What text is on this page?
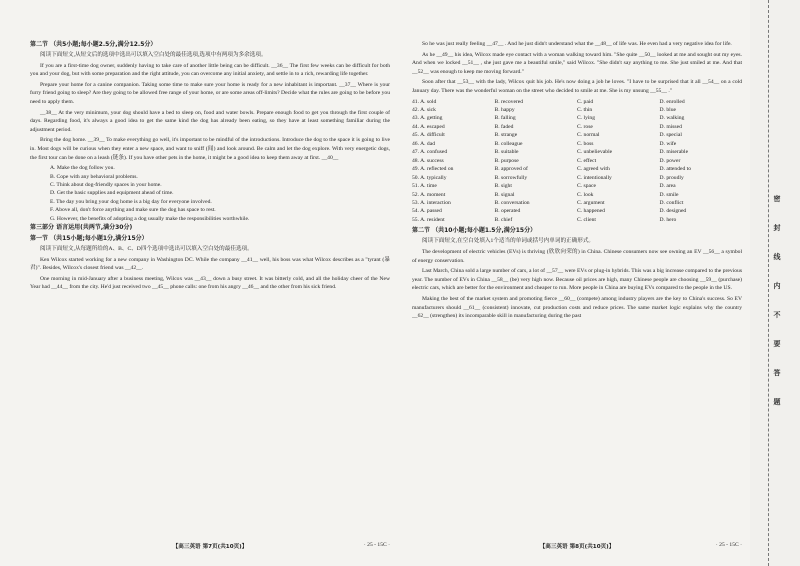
第二节 （共5小题;每小题2.5分,满分12.5分）

阅读下面短文,从短文后的选项中选出可以填入空白处的最佳选项,选项中有两项为多余选项。

If you are a first-time dog owner, suddenly having to take care of another little being can be difficult. __36__ The first few weeks can be difficult for both you and your dog, but with some preparation and the right attitude, you can overcome any initial anxiety, and settle in to a rich, rewarding life together.

Prepare your home for a canine companion. Taking some time to make sure your home is ready for a new inhabitant is important. __37__ Where is your furry friend going to sleep? Are they going to be allowed free range of your home, or are some areas off-limits? Decide what the rules are going to be before you need to apply them.

__38__ At the very minimum, your dog should have a bed to sleep on, food and water bowls. Prepare enough food to get you through the first couple of days. Regarding food, it's always a good idea to get the same kind the dog has already been eating, so they have at least something familiar during the adjustment period.

Bring the dog home. __39__ To make everything go well, it's important to be mindful of the introductions. Introduce the dog to the space it is going to live in. Most dogs will be curious when they enter a new space, and want to sniff (闻) and look around. Be calm and let the dog explore. With very energetic dogs, the first tour can be done on a leash (链条). If you have other pets in the home, it might be a good idea to keep them away at first. __40__

A. Make the dog follow you.

B. Cope with any behavioral problems.

C. Think about dog-friendly spaces in your home.

D. Get the basic supplies and equipment ahead of time.

E. The day you bring your dog home is a big day for everyone involved.

F. Above all, don't force anything and make sure the dog has space to rest.

G. However, the benefits of adopting a dog usually make the responsibilities worthwhile.

第三部分 语言运用(共两节,满分30分)

第一节 （共15小题;每小题1分,满分15分）

阅读下面短文,从每题所给的A、B、C、D四个选项中选出可以填入空白处的最佳选项。

Ken Wilcox started working for a new company in Washington DC. While the company __41__ well, his boss was what Wilcox describes as a "tyrant (暴君)". Besides, Wilcox's closest friend was __42__.

One morning in mid-January after a business meeting, Wilcox was __43__ down a busy street. It was bitterly cold, and all the holiday cheer of the New Year had __44__ from the city. He'd just received two __45__ phone calls: one from his angry __46__ and the other from his sick friend.

【高三英语 第7页(共10页)】	· 25 - 15C ·

So he was just really feeling __47__ . And he just didn't understand what the __48__ of life was. He even had a very negative idea for life.

As he __49__ his idea, Wilcox made eye contact with a woman walking toward him. "She quite __50__ looked at me and sought out my eyes. And when we locked __51__ , she just gave me a beautiful smile," said Wilcox. "She didn't say anything to me. She just smiled at me. And that __52__ was enough to keep me moving forward."

Soon after that __53__ with the lady, Wilcox quit his job. He's now doing a job he loves. "I have to be surprised that it all __54__ on a cold January day. There was the wonderful woman on the street who decided to smile at me. She is my unsung __55__ ."

41. A. sold	B. recovered	C. paid	D. enrolled
42. A. sick	B. happy	C. thin	D. blue
43. A. getting	B. falling	C. lying	D. walking
44. A. escaped	B. faded	C. rose	D. missed
45. A. difficult	B. strange	C. normal	D. special
46. A. dad	B. colleague	C. boss	D. wife
47. A. confused	B. suitable	C. unbelievable	D. miserable
48. A. success	B. purpose	C. effect	D. power
49. A. reflected on	B. approved of	C. agreed with	D. attended to
50. A. typically	B. sorrowfully	C. intentionally	D. proudly
51. A. time	B. sight	C. space	D. area
52. A. moment	B. signal	C. look	D. smile
53. A. interaction	B. conversation	C. argument	D. conflict
54. A. passed	B. operated	C. happened	D. designed
55. A. resident	B. chief	C. client	D. hero

第二节 （共10小题;每小题1.5分,满分15分）

阅读下面短文,在空白处填入1个适当的单词或括号内单词的正确形式。

The development of electric vehicles (EVs) is thriving (欣欣向荣的) in China. Chinese consumers now see owning an EV __56__ a symbol of energy conservation.

Last March, China sold a large number of cars, a lot of __57__ were EVs or plug-in hybrids. This was a big increase compared to the previous year. The number of EVs in China __58__ (be) very high now. Because oil prices are high, many Chinese people are choosing __59__ (purchase) electric cars, which are better for the environment and cheaper to run. More people in China are buying EVs compared to the people in the US.

Making the best of the market system and promoting fierce __60__ (compete) among industry players are the key to China's success. So EV manufacturers should __61__ (consistent) innovate, cut production costs and reduce prices. The same market logic explains why the country __62__ (strengthen) its incomparable skill in manufacturing during the past

【高三英语 第8页(共10页)】	· 25 - 15C ·
密封线内不要答题
